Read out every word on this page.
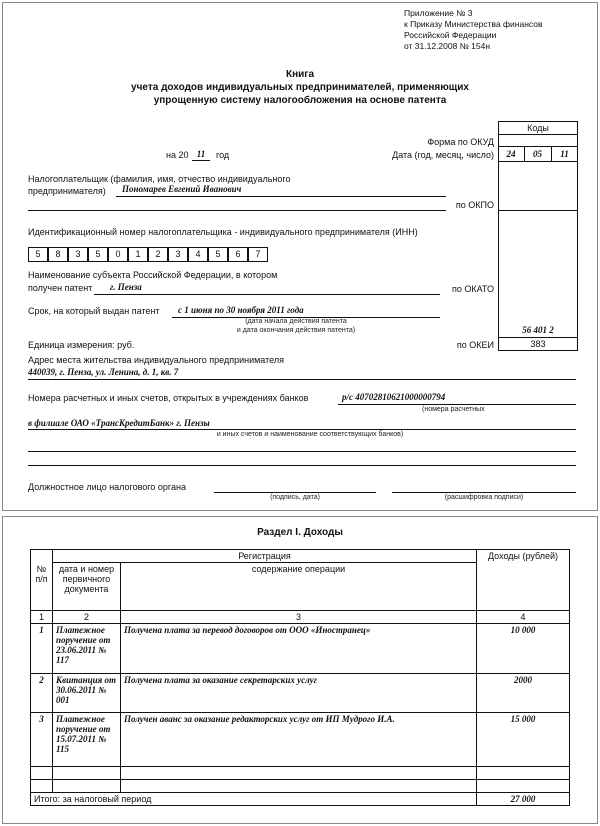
Приложение № 3
к Приказу Министерства финансов
Российской Федерации
от 31.12.2008 № 154н
Книга
учета доходов индивидуальных предпринимателей, применяющих
упрощенную систему налогообложения на основе патента
Коды
24	05	11
56 401 2
383
Форма по ОКУД
Дата (год, месяц, число)
на 20 11	год
Налогоплательщик (фамилия, имя, отчество индивидуального
предпринимателя) Пономарев Евгений Иванович
по ОКПО
Идентификационный номер налогоплательщика - индивидуального предпринимателя (ИНН)
5	8	3	5	0	1	2	3	4	5	6	7
Наименование субъекта Российской Федерации, в котором
получен патент г. Пенза	по ОКАТО
Срок, на который выдан патент с 1 июня по 30 ноября 2011 года
(дата начала действия патента
и дата окончания действия патента)
Единица измерения: руб.	по ОКЕИ
Адрес места жительства индивидуального предпринимателя
440039, г. Пенза, ул. Ленина, д. 1, кв. 7
Номера расчетных и иных счетов, открытых в учреждениях банков	р/с 40702810621000000794
(номера расчетных
в филиале ОАО «ТрансКредитБанк» г. Пензы
и иных счетов и наименование соответствующих банков)
Должностное лицо налогового органа
(подпись, дата)	(расшифровка подписи)
Раздел I. Доходы
№ п/п	Регистрация		Доходы (рублей)
	дата и номер первичного документа	содержание операции	
1	2	3	4
1	Платежное поручение от 23.06.2011 № 117	Получена плата за перевод договоров от ООО «Иностранец»	10 000
2	Квитанция от 30.06.2011 № 001	Получена плата за оказание секретарских услуг	2000
3	Платежное поручение от 15.07.2011 № 115	Получен аванс за оказание редакторских услуг от ИП Мудрого И.А.	15 000

Итого: за налоговый период			27 000
